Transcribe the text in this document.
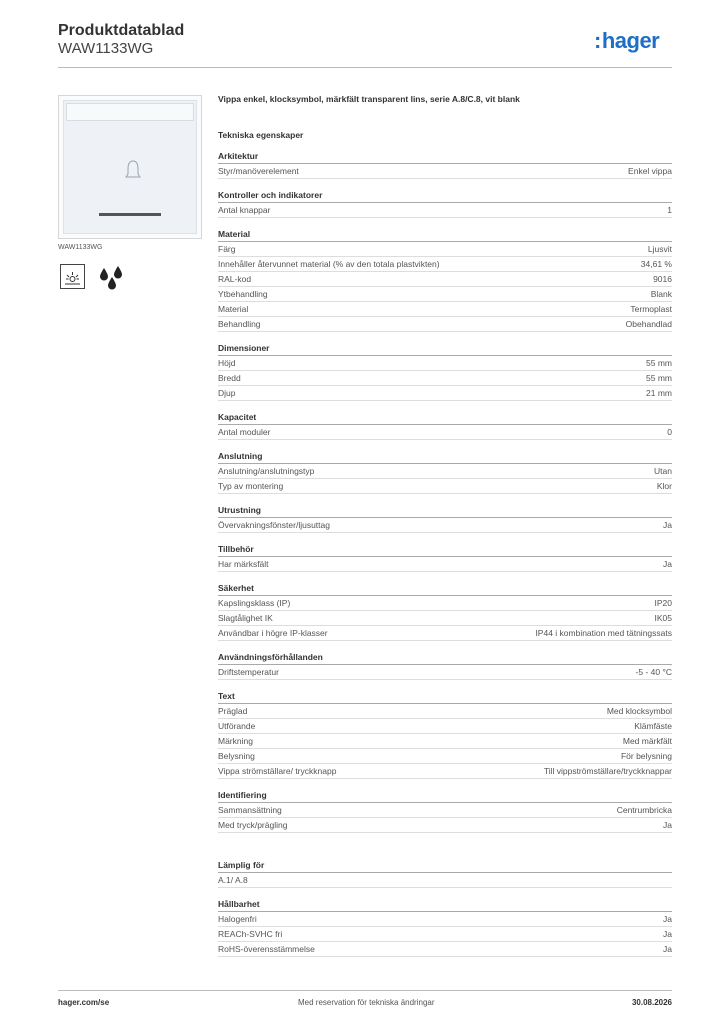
Produktdatablad
WAW1133WG	:hager
WAW1133WG
Vippa enkel, klocksymbol, märkfält transparent lins, serie A.8/C.8, vit blank
Tekniska egenskaper
Arkitektur
Styr/manöverelement	Enkel vippa
Kontroller och indikatorer
Antal knappar	1
Material
Färg	Ljusvit
Innehåller återvunnet material (% av den totala plastvikten)	34,61 %
RAL-kod	9016
Ytbehandling	Blank
Material	Termoplast
Behandling	Obehandlad
Dimensioner
Höjd	55 mm
Bredd	55 mm
Djup	21 mm
Kapacitet
Antal moduler	0
Anslutning
Anslutning/anslutningstyp	Utan
Typ av montering	Klor
Utrustning
Övervakningsfönster/ljusuttag	Ja
Tillbehör
Har märksfält	Ja
Säkerhet
Kapslingsklass (IP)	IP20
Slagtålighet IK	IK05
Användbar i högre IP-klasser	IP44 i kombination med tätningssats
Användningsförhållanden
Driftstemperatur	-5 - 40 °C
Text
Präglad	Med klocksymbol
Utförande	Klämfäste
Märkning	Med märkfält
Belysning	För belysning
Vippa strömställare/ tryckknapp	Till vippströmställare/tryckknappar
Identifiering
Sammansättning	Centrumbricka
Med tryck/prägling	Ja
Lämplig för
A.1/ A.8
Hållbarhet
Halogenfri	Ja
REACh-SVHC fri	Ja
RoHS-överensstämmelse	Ja
hager.com/se	Med reservation för tekniska ändringar	30.08.2026
